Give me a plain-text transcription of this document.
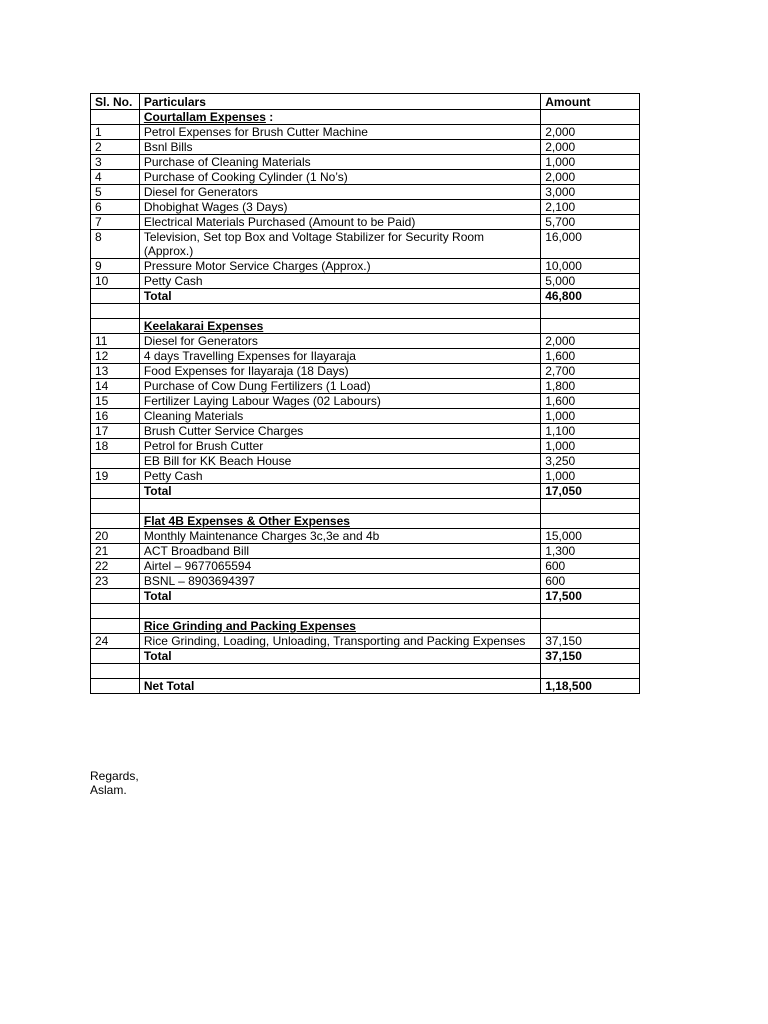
Sl. No.	Particulars	Amount
	Courtallam Expenses :	
1	Petrol Expenses for Brush Cutter Machine	2,000
2	Bsnl Bills	2,000
3	Purchase of Cleaning Materials	1,000
4	Purchase of Cooking Cylinder (1 No’s)	2,000
5	Diesel for Generators	3,000
6	Dhobighat Wages (3 Days)	2,100
7	Electrical Materials Purchased (Amount to be Paid)	5,700
8	Television, Set top Box and Voltage Stabilizer for Security Room (Approx.)	16,000
9	Pressure Motor Service Charges (Approx.)	10,000
10	Petty Cash	5,000
	Total	46,800

	Keelakarai Expenses	
11	Diesel for Generators	2,000
12	4 days Travelling Expenses for Ilayaraja	1,600
13	Food Expenses for Ilayaraja (18 Days)	2,700
14	Purchase of Cow Dung Fertilizers (1 Load)	1,800
15	Fertilizer Laying Labour Wages (02 Labours)	1,600
16	Cleaning Materials	1,000
17	Brush Cutter Service Charges	1,100
18	Petrol for Brush Cutter	1,000
	EB Bill for KK Beach House	3,250
19	Petty Cash	1,000
	Total	17,050

	Flat 4B Expenses & Other Expenses	
20	Monthly Maintenance Charges 3c,3e and 4b	15,000
21	ACT Broadband Bill	1,300
22	Airtel – 9677065594	600
23	BSNL – 8903694397	600
	Total	17,500

	Rice Grinding and Packing Expenses	
24	Rice Grinding, Loading, Unloading, Transporting and Packing Expenses	37,150
	Total	37,150

	Net Total	1,18,500
Regards,
Aslam.
